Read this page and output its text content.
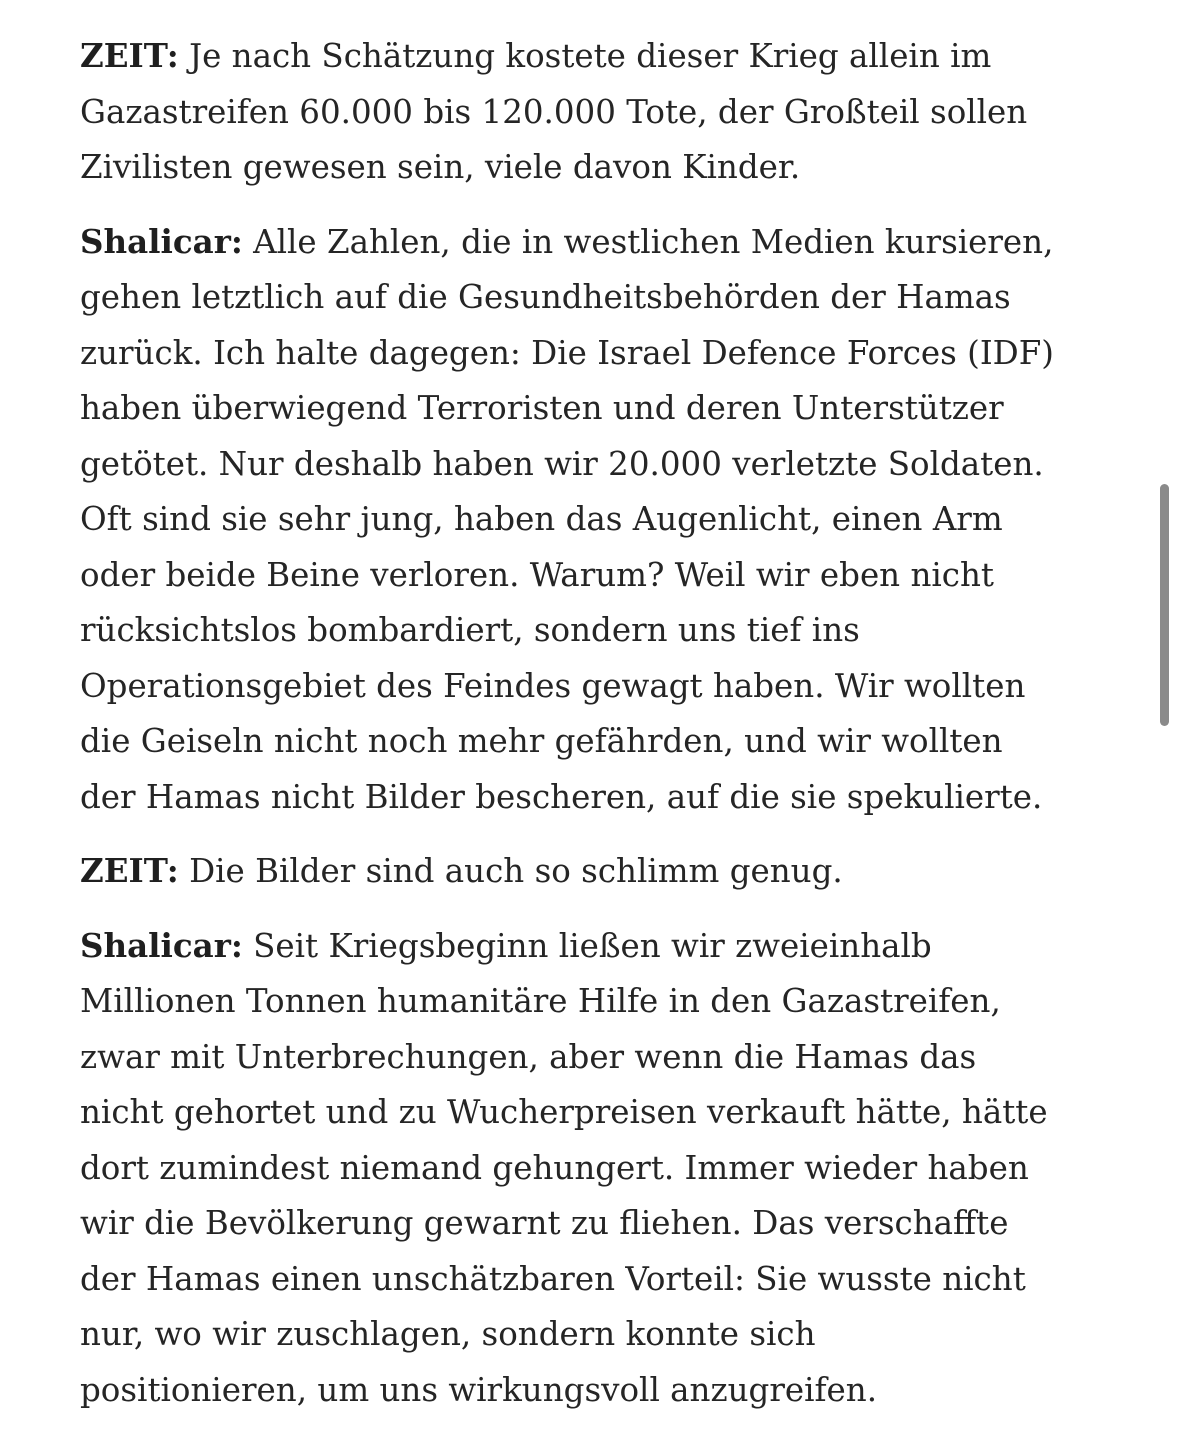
ZEIT: Je nach Schätzung kostete dieser Krieg allein im
Gazastreifen 60.000 bis 120.000 Tote, der Großteil sollen
Zivilisten gewesen sein, viele davon Kinder.

Shalicar: Alle Zahlen, die in westlichen Medien kursieren,
gehen letztlich auf die Gesundheitsbehörden der Hamas
zurück. Ich halte dagegen: Die Israel Defence Forces (IDF)
haben überwiegend Terroristen und deren Unterstützer
getötet. Nur deshalb haben wir 20.000 verletzte Soldaten.
Oft sind sie sehr jung, haben das Augenlicht, einen Arm
oder beide Beine verloren. Warum? Weil wir eben nicht
rücksichtslos bombardiert, sondern uns tief ins
Operationsgebiet des Feindes gewagt haben. Wir wollten
die Geiseln nicht noch mehr gefährden, und wir wollten
der Hamas nicht Bilder bescheren, auf die sie spekulierte.

ZEIT: Die Bilder sind auch so schlimm genug.

Shalicar: Seit Kriegsbeginn ließen wir zweieinhalb
Millionen Tonnen humanitäre Hilfe in den Gazastreifen,
zwar mit Unterbrechungen, aber wenn die Hamas das
nicht gehortet und zu Wucherpreisen verkauft hätte, hätte
dort zumindest niemand gehungert. Immer wieder haben
wir die Bevölkerung gewarnt zu fliehen. Das verschaffte
der Hamas einen unschätzbaren Vorteil: Sie wusste nicht
nur, wo wir zuschlagen, sondern konnte sich
positionieren, um uns wirkungsvoll anzugreifen.
